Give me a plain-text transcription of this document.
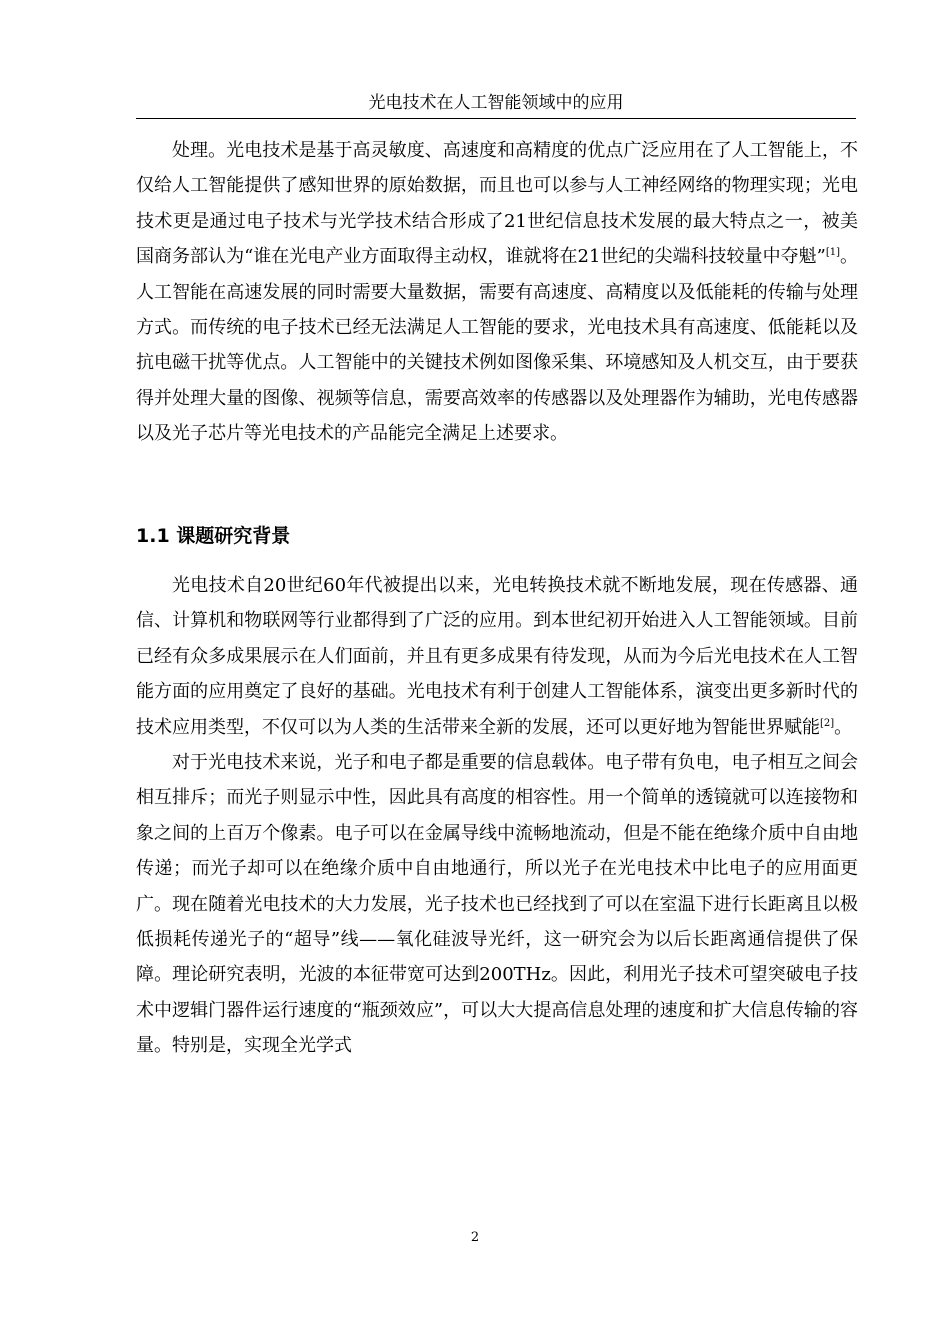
光电技术在人工智能领域中的应用

处理。光电技术是基于高灵敏度、高速度和高精度的优点广泛应用在了人工智能上，不仅给人工智能提供了感知世界的原始数据，而且也可以参与人工神经网络的物理实现；光电技术更是通过电子技术与光学技术结合形成了21世纪信息技术发展的最大特点之一，被美国商务部认为“谁在光电产业方面取得主动权，谁就将在21世纪的尖端科技较量中夺魁”[1]。人工智能在高速发展的同时需要大量数据，需要有高速度、高精度以及低能耗的传输与处理方式。而传统的电子技术已经无法满足人工智能的要求，光电技术具有高速度、低能耗以及抗电磁干扰等优点。人工智能中的关键技术例如图像采集、环境感知及人机交互，由于要获得并处理大量的图像、视频等信息，需要高效率的传感器以及处理器作为辅助，光电传感器以及光子芯片等光电技术的产品能完全满足上述要求。

1.1 课题研究背景

光电技术自20世纪60年代被提出以来，光电转换技术就不断地发展，现在传感器、通信、计算机和物联网等行业都得到了广泛的应用。到本世纪初开始进入人工智能领域。目前已经有众多成果展示在人们面前，并且有更多成果有待发现，从而为今后光电技术在人工智能方面的应用奠定了良好的基础。光电技术有利于创建人工智能体系，演变出更多新时代的技术应用类型，不仅可以为人类的生活带来全新的发展，还可以更好地为智能世界赋能[2]。

对于光电技术来说，光子和电子都是重要的信息载体。电子带有负电，电子相互之间会相互排斥；而光子则显示中性，因此具有高度的相容性。用一个简单的透镜就可以连接物和象之间的上百万个像素。电子可以在金属导线中流畅地流动，但是不能在绝缘介质中自由地传递；而光子却可以在绝缘介质中自由地通行，所以光子在光电技术中比电子的应用面更广。现在随着光电技术的大力发展，光子技术也已经找到了可以在室温下进行长距离且以极低损耗传递光子的“超导”线——氧化硅波导光纤，这一研究会为以后长距离通信提供了保障。理论研究表明，光波的本征带宽可达到200THz。因此，利用光子技术可望突破电子技术中逻辑门器件运行速度的“瓶颈效应”，可以大大提高信息处理的速度和扩大信息传输的容量。特别是，实现全光学式

2
